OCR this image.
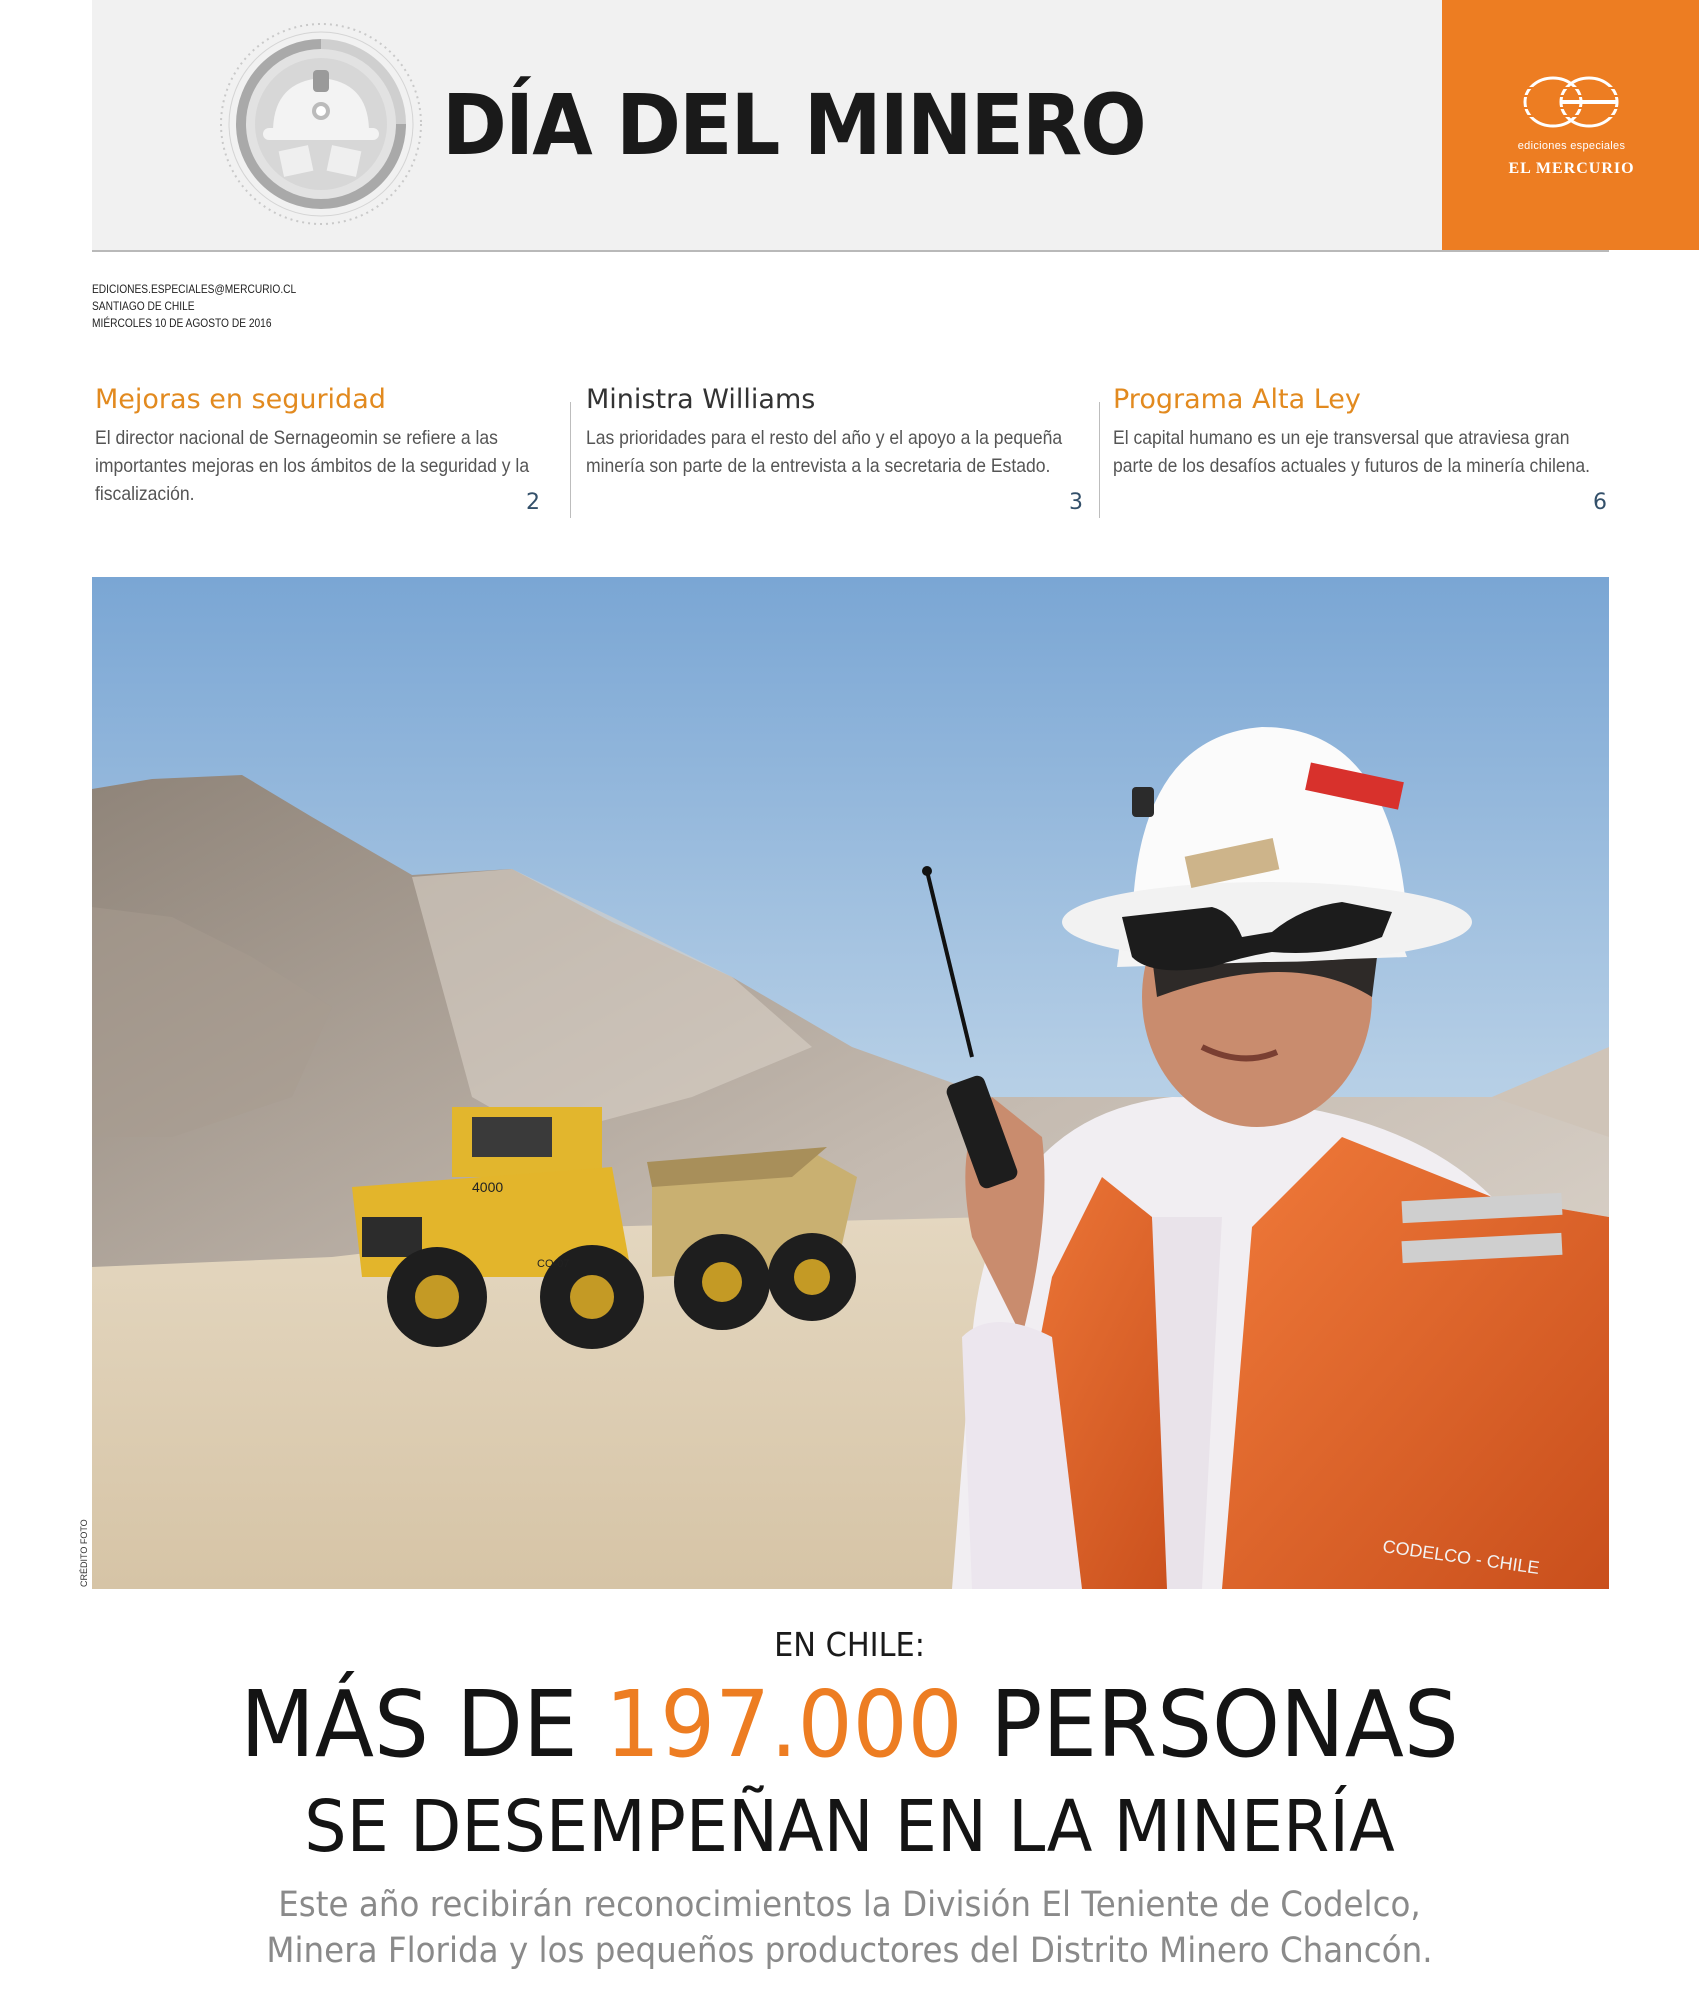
DÍA DEL MINERO	ediciones especiales
EL MERCURIO
EDICIONES.ESPECIALES@MERCURIO.CL
SANTIAGO DE CHILE
MIÉRCOLES 10 DE AGOSTO DE 2016
Mejoras en seguridad

El director nacional de Sernageomin se refiere a las importantes mejoras en los ámbitos de la seguridad y la fiscalización.	2
Ministra Williams

Las prioridades para el resto del año y el apoyo a la pequeña minería son parte de la entrevista a la secretaria de Estado.

3
Programa Alta Ley

El capital humano es un eje transversal que atraviesa gran parte de los desafíos actuales y futuros de la minería chilena.

6
4000
CO-07
CODELCO - CHILE
CRÉDITO FOTO
EN CHILE:
MÁS DE 197.000 PERSONAS
SE DESEMPEÑAN EN LA MINERÍA
Este año recibirán reconocimientos la División El Teniente de Codelco,
Minera Florida y los pequeños productores del Distrito Minero Chancón.
